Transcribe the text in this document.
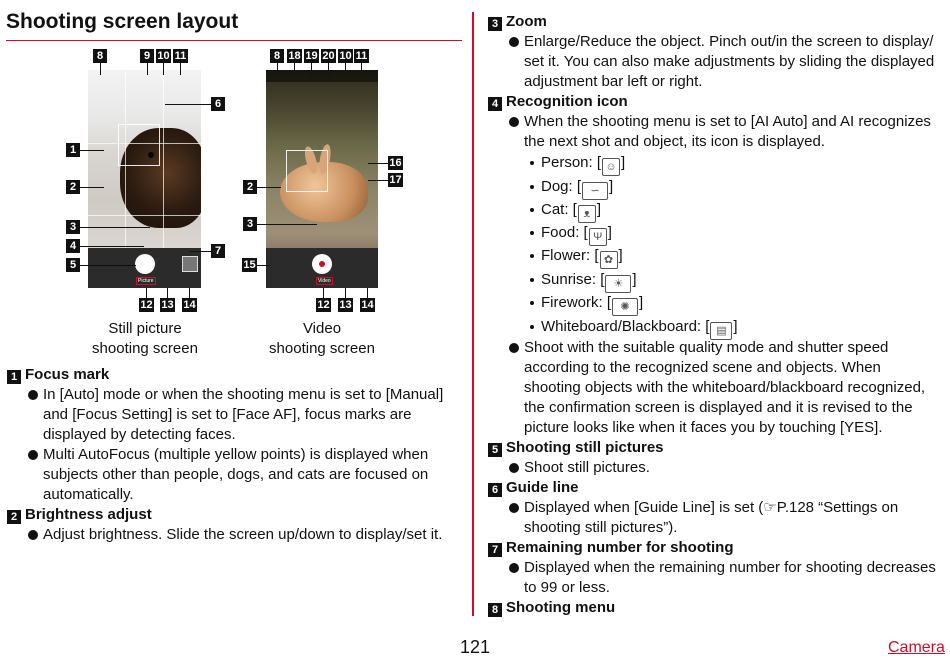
Shooting screen layout
Picture
8	9 10 11
1
2
3
4
5
6
7
12 13 14
Still picture
shooting screen
Video
8 18 19 20 10 11
2
3
15
16
17
12 13 14
Video
shooting screen
1 Focus mark
In [Auto] mode or when the shooting menu is set to [Manual]
and [Focus Setting] is set to [Face AF], focus marks are
displayed by detecting faces.
Multi AutoFocus (multiple yellow points) is displayed when
subjects other than people, dogs, and cats are focused on
automatically.
2 Brightness adjust
Adjust brightness. Slide the screen up/down to display/set it.
3 Zoom
Enlarge/Reduce the object. Pinch out/in the screen to display/
set it. You can also make adjustments by sliding the displayed
adjustment bar left or right.
4 Recognition icon
When the shooting menu is set to [AI Auto] and AI recognizes
the next shot and object, its icon is displayed.
Person: [ ☺ ]
Dog: [ ∽ ]
Cat: [ ᴥ ]
Food: [ Ψ ]
Flower: [ ✿ ]
Sunrise: [ ☀ ]
Firework: [ ✺ ]
Whiteboard/Blackboard: [ ▤ ]
Shoot with the suitable quality mode and shutter speed
according to the recognized scene and objects. When
shooting objects with the whiteboard/blackboard recognized,
the confirmation screen is displayed and it is revised to the
picture looks like when it faces you by touching [YES].
5 Shooting still pictures
Shoot still pictures.
6 Guide line
Displayed when [Guide Line] is set (☞P.128 “Settings on
shooting still pictures”).
7 Remaining number for shooting
Displayed when the remaining number for shooting decreases
to 99 or less.
8 Shooting menu
121	Camera
